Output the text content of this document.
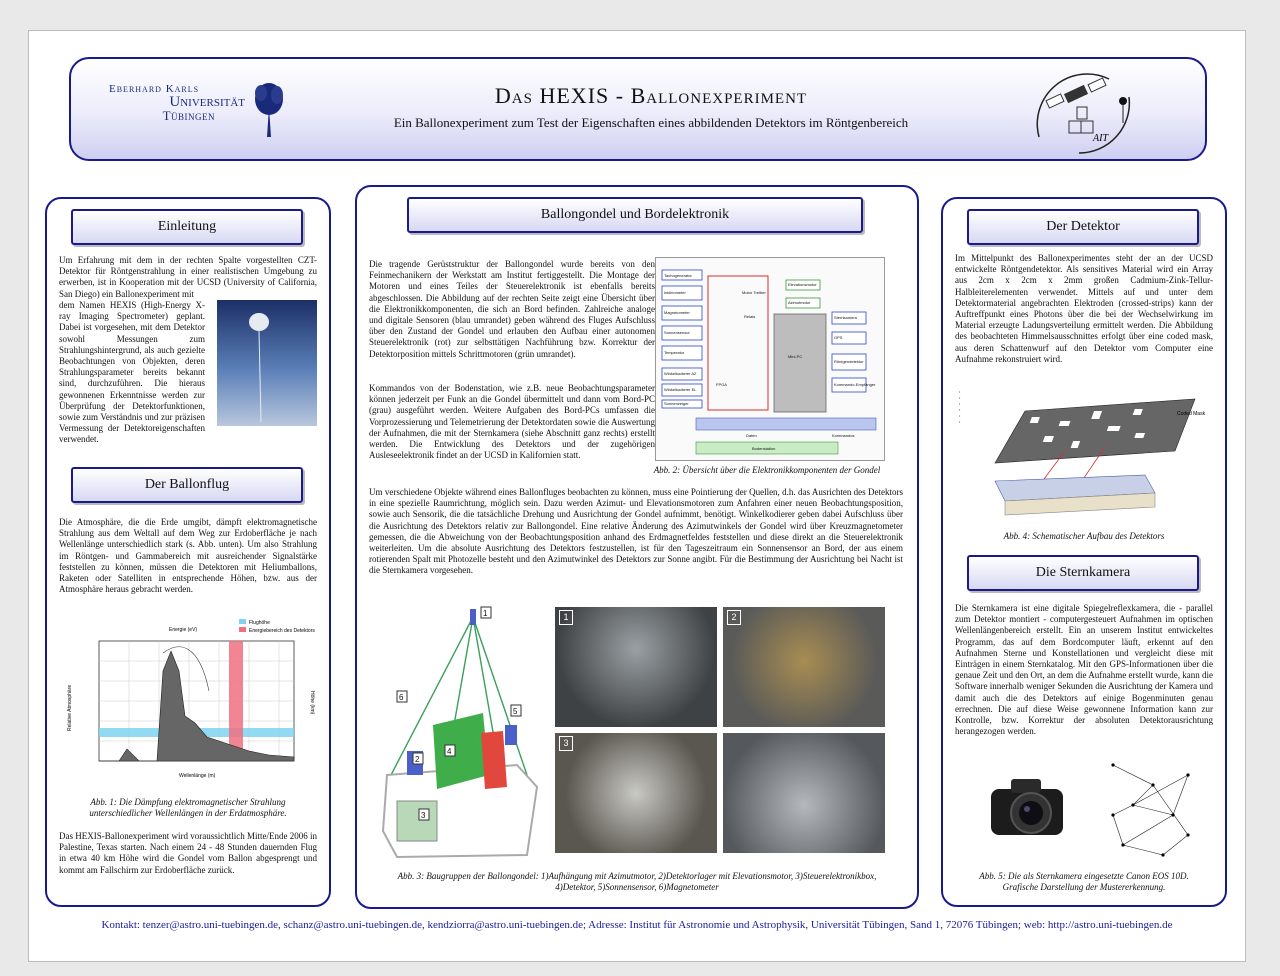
Eberhard Karls
Universität
Tübingen
Das HEXIS - Ballonexperiment
Ein Ballonexperiment zum Test der Eigenschaften eines abbildenden Detektors im Röntgenbereich
AIT
Einleitung
Um Erfahrung mit dem in der rechten Spalte vorgestellten CZT-Detektor für Röntgenstrahlung in einer realistischen Umgebung zu erwerben, ist in Kooperation mit der UCSD (University of California, San Diego) ein Ballonexperiment mit
dem Namen HEXIS (High-Energy X-ray Imaging Spectrometer) geplant. Dabei ist vorgesehen, mit dem Detektor sowohl Messungen zum Strahlungshintergrund, als auch gezielte Beobachtungen von Objekten, deren Strahlungsparameter bereits bekannt sind, durchzuführen. Die hieraus gewonnenen Erkenntnisse werden zur Überprüfung der Detektorfunktionen, sowie zum Verständnis und zur präzisen Vermessung der Detektoreigenschaften verwendet.
Der Ballonflug
Die Atmosphäre, die die Erde umgibt, dämpft elektromagnetische Strahlung aus dem Weltall auf dem Weg zur Erdoberfläche je nach Wellenlänge unterschiedlich stark (s. Abb. unten). Um also Strahlung im Röntgen- und Gammabereich mit ausreichender Signalstärke feststellen zu können, müssen die Detektoren mit Heliumballons, Raketen oder Satelliten in entsprechende Höhen, bzw. aus der Atmosphäre heraus gebracht werden.
Flughöhe
Energiebereich des Detektors
Energie (eV)
Wellenlänge (m)
Relative Atmosphäre	Höhe (km)
Abb. 1: Die Dämpfung elektromagnetischer Strahlung unterschiedlicher Wellenlängen in der Erdatmosphäre.
Das HEXIS-Ballonexperiment wird voraussichtlich Mitte/Ende 2006 in Palestine, Texas starten. Nach einem 24 - 48 Stunden dauernden Flug in etwa 40 km Höhe wird die Gondel vom Ballon abgesprengt und kommt am Fallschirm zur Erdoberfläche zurück.
Ballongondel und Bordelektronik
Die tragende Gerüststruktur der Ballongondel wurde bereits von den Feinmechanikern der Werkstatt am Institut fertiggestellt. Die Montage der Motoren und eines Teiles der Steuerelektronik ist ebenfalls bereits abgeschlossen. Die Abbildung auf der rechten Seite zeigt eine Übersicht über die Elektronikkomponenten, die sich an Bord befinden. Zahlreiche analoge und digitale Sensoren (blau umrandet) geben während des Fluges Aufschluss über den Zustand der Gondel und erlauben den Aufbau einer autonomen Steuerelektronik (rot) zur selbsttätigen Nachführung bzw. Korrektur der Detektorposition mittels Schrittmotoren (grün umrandet).
Kommandos von der Bodenstation, wie z.B. neue Beobachtungsparameter können jederzeit per Funk an die Gondel übermittelt und dann vom Bord-PC (grau) ausgeführt werden. Weitere Aufgaben des Bord-PCs umfassen die Vorprozessierung und Telemetrierung der Detektordaten sowie die Auswertung der Aufnahmen, die mit der Sternkamera (siehe Abschnitt ganz rechts) erstellt werden. Die Entwicklung des Detektors und der zugehörigen Ausleseelektronik findet an der UCSD in Kalifornien statt.
Tachogenerator
Inklinometer
Magnetometer
Sonnensensor
Temperatur
Winkelkodierer AZ
Winkelkodierer EL
Sonnenzeiger
Motor Treiber
Relais
Mini-PC
Sternkamera
GPS
Röntgendetektor
Kommando-Empfänger
Elevationsmotor
Azimutmotor
Bodenstation
FPGA
Daten	Kommandos
Abb. 2: Übersicht über die Elektronikkomponenten der Gondel
Um verschiedene Objekte während eines Ballonfluges beobachten zu können, muss eine Pointierung der Quellen, d.h. das Ausrichten des Detektors in eine spezielle Raumrichtung, möglich sein. Dazu werden Azimut- und Elevationsmotoren zum Anfahren einer neuen Beobachtungsposition, sowie auch Sensorik, die die tatsächliche Drehung und Ausrichtung der Gondel aufnimmt, benötigt. Winkelkodierer geben dabei Aufschluss über die Ausrichtung des Detektors relativ zur Ballongondel. Eine relative Änderung des Azimutwinkels der Gondel wird über Kreuzmagnetometer gemessen, die die Abweichung von der Beobachtungsposition anhand des Erdmagnetfeldes feststellen und diese direkt an die Steuerelektronik weiterleiten. Um die absolute Ausrichtung des Detektors festzustellen, ist für den Tageszeitraum ein Sonnensensor an Bord, der aus einem rotierenden Spalt mit Photozelle besteht und den Azimutwinkel des Detektors zur Sonne angibt. Für die Bestimmung der Ausrichtung bei Nacht ist die Sternkamera vorgesehen.
1
2
3
4
5
6
1	2
3
Abb. 3: Baugruppen der Ballongondel: 1)Aufhängung mit Azimutmotor, 2)Detektorlager mit Elevationsmotor, 3)Steuerelektronikbox, 4)Detektor, 5)Sonnensensor, 6)Magnetometer
Der Detektor
Im Mittelpunkt des Ballonexperimentes steht der an der UCSD entwickelte Röntgendetektor. Als sensitives Material wird ein Array aus 2cm x 2cm x 2mm großen Cadmium-Zink-Tellur-Halbleiterelementen verwendet. Mittels auf und unter dem Detektormaterial angebrachten Elektroden (crossed-strips) kann der Auftreffpunkt eines Photons über die bei der Wechselwirkung im Material erzeugte Ladungsverteilung ermittelt werden. Die Abbildung des beobachteten Himmelsausschnittes erfolgt über eine coded mask, aus deren Schattenwurf auf den Detektor vom Computer eine Aufnahme rekonstruiert wird.
Coded Mask
•
•
•
•
•
•
Abb. 4: Schematischer Aufbau des Detektors
Die Sternkamera
Die Sternkamera ist eine digitale Spiegelreflexkamera, die - parallel zum Detektor montiert - computergesteuert Aufnahmen im optischen Wellenlängenbereich erstellt. Ein an unserem Institut entwickeltes Programm, das auf dem Bordcomputer läuft, erkennt auf den Aufnahmen Sterne und Konstellationen und vergleicht diese mit Einträgen in einem Sternkatalog. Mit den GPS-Informationen über die genaue Zeit und den Ort, an dem die Aufnahme erstellt wurde, kann die Software innerhalb weniger Sekunden die Ausrichtung der Kamera und damit auch die des Detektors auf einige Bogenminuten genau errechnen. Die auf diese Weise gewonnene Information kann zur Kontrolle, bzw. Korrektur der absoluten Detektorausrichtung herangezogen werden.
Abb. 5: Die als Sternkamera eingesetzte Canon EOS 10D. Grafische Darstellung der Mustererkennung.
Kontakt: tenzer@astro.uni-tuebingen.de, schanz@astro.uni-tuebingen.de, kendziorra@astro.uni-tuebingen.de; Adresse: Institut für Astronomie und Astrophysik, Universität Tübingen, Sand 1, 72076 Tübingen; web: http://astro.uni-tuebingen.de
